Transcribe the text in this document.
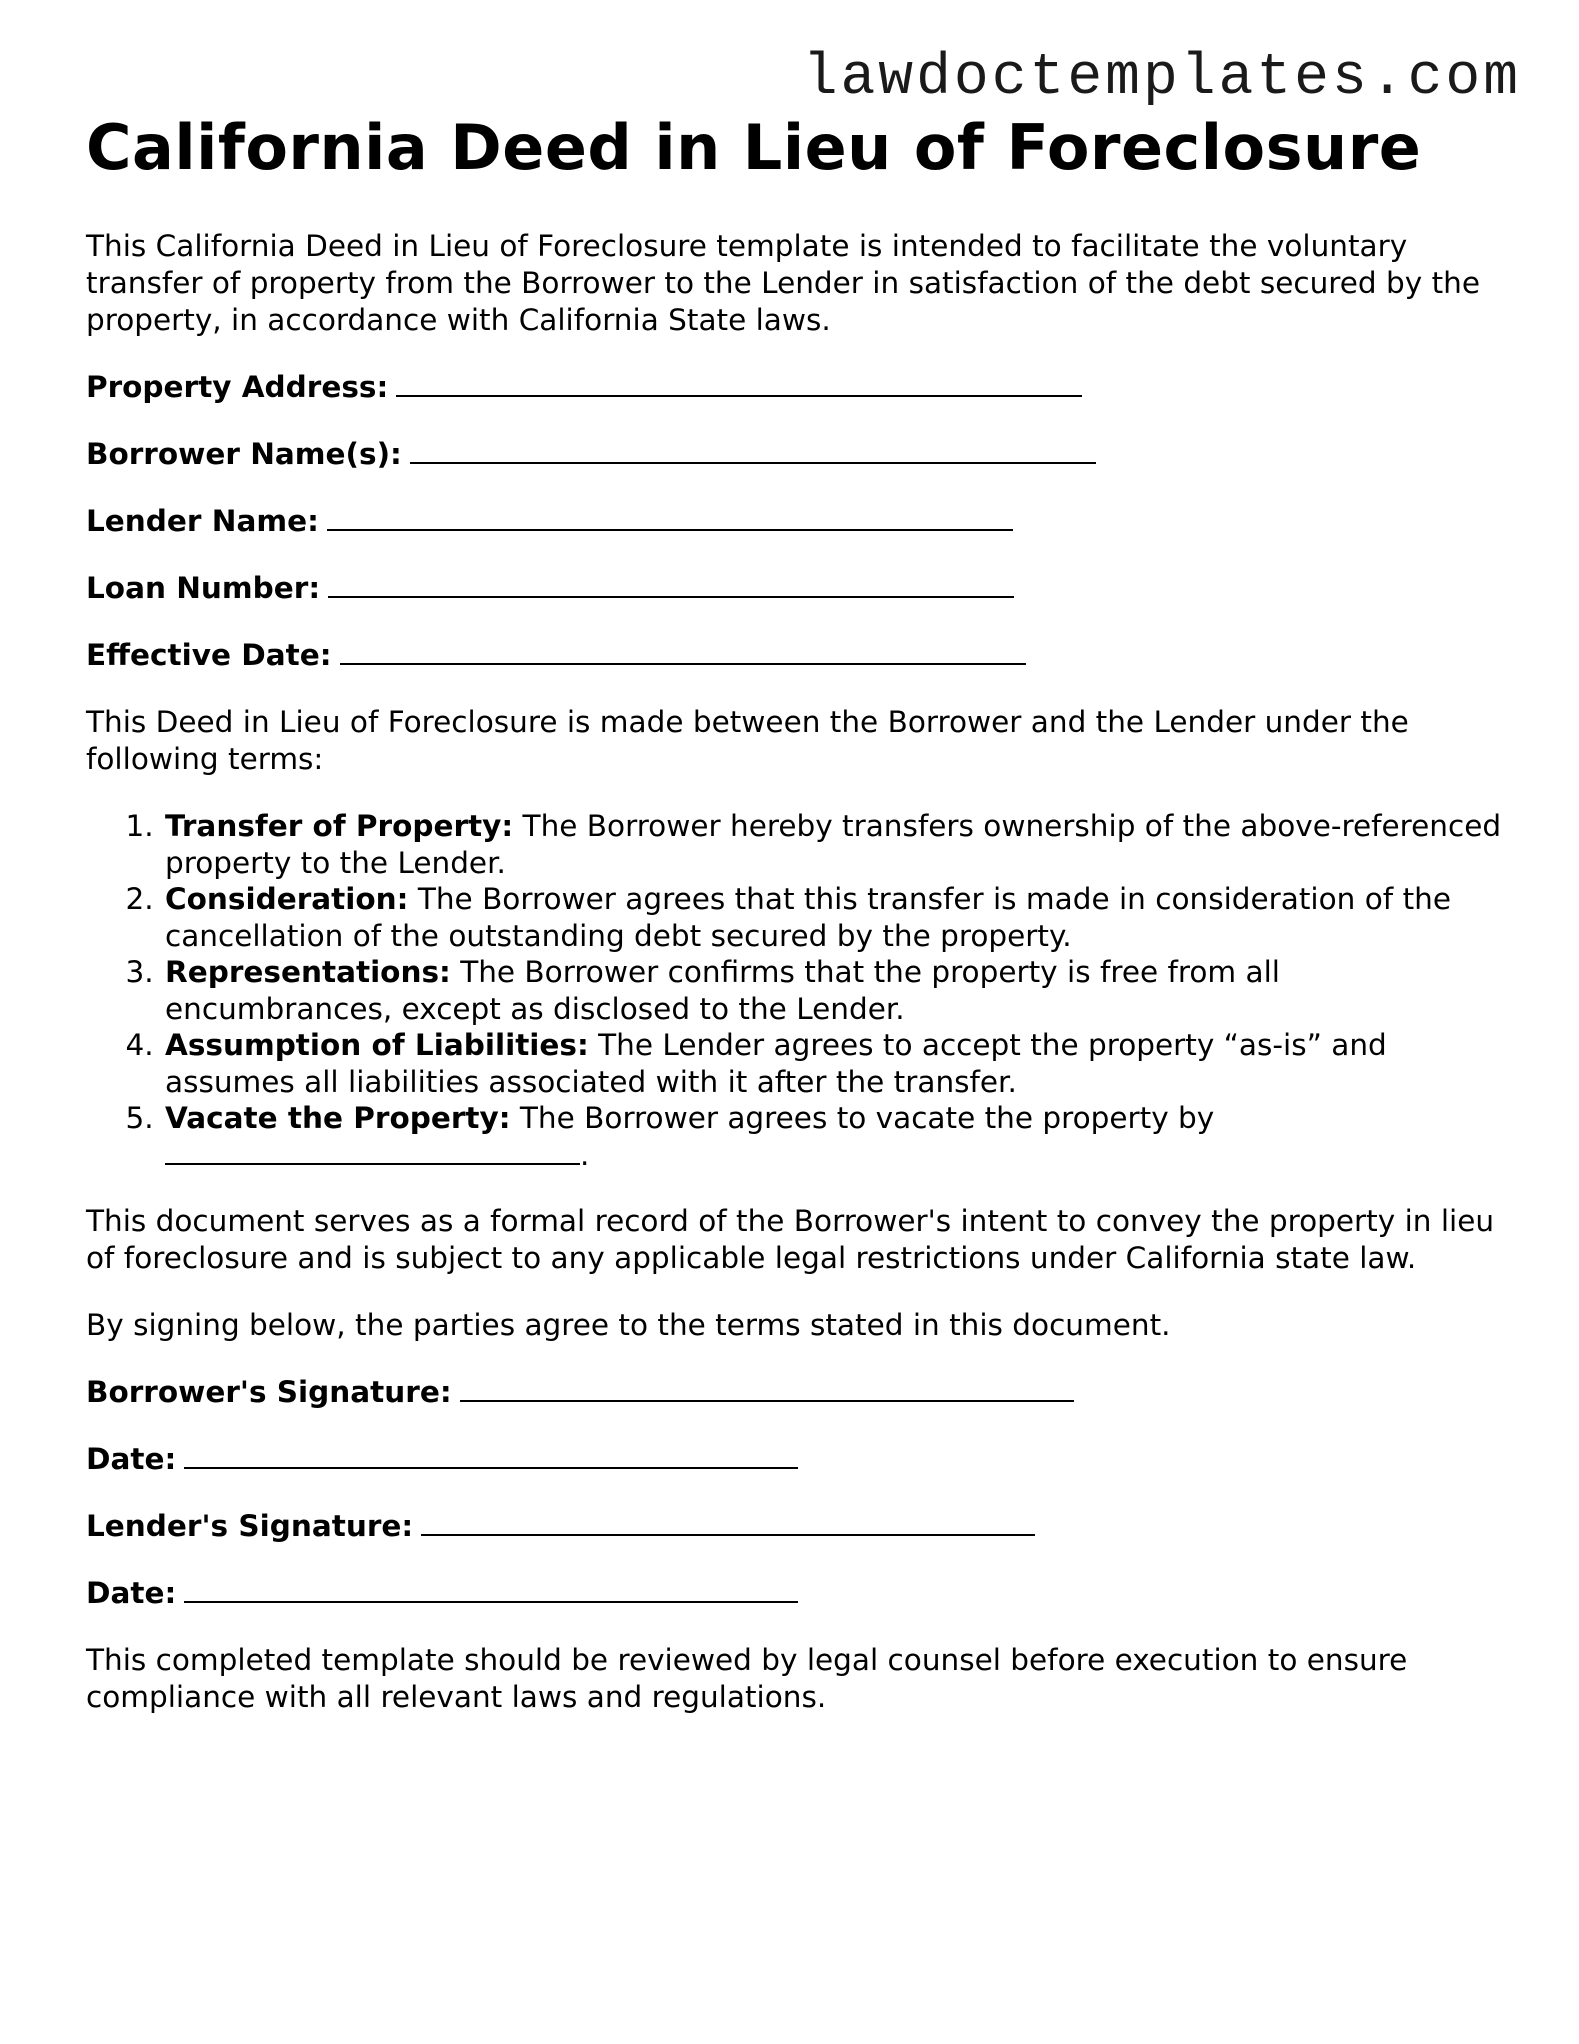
lawdoctemplates.com
California Deed in Lieu of Foreclosure

This California Deed in Lieu of Foreclosure template is intended to facilitate the voluntary transfer of property from the Borrower to the Lender in satisfaction of the debt secured by the property, in accordance with California State laws.

Property Address:
Borrower Name(s):
Lender Name:
Loan Number:
Effective Date:

This Deed in Lieu of Foreclosure is made between the Borrower and the Lender under the following terms:

1. Transfer of Property: The Borrower hereby transfers ownership of the above-referenced property to the Lender.
2. Consideration: The Borrower agrees that this transfer is made in consideration of the cancellation of the outstanding debt secured by the property.
3. Representations: The Borrower confirms that the property is free from all encumbrances, except as disclosed to the Lender.
4. Assumption of Liabilities: The Lender agrees to accept the property “as-is” and assumes all liabilities associated with it after the transfer.
5. Vacate the Property: The Borrower agrees to vacate the property by
.

This document serves as a formal record of the Borrower's intent to convey the property in lieu of foreclosure and is subject to any applicable legal restrictions under California state law.

By signing below, the parties agree to the terms stated in this document.

Borrower's Signature:
Date:
Lender's Signature:
Date:

This completed template should be reviewed by legal counsel before execution to ensure compliance with all relevant laws and regulations.
